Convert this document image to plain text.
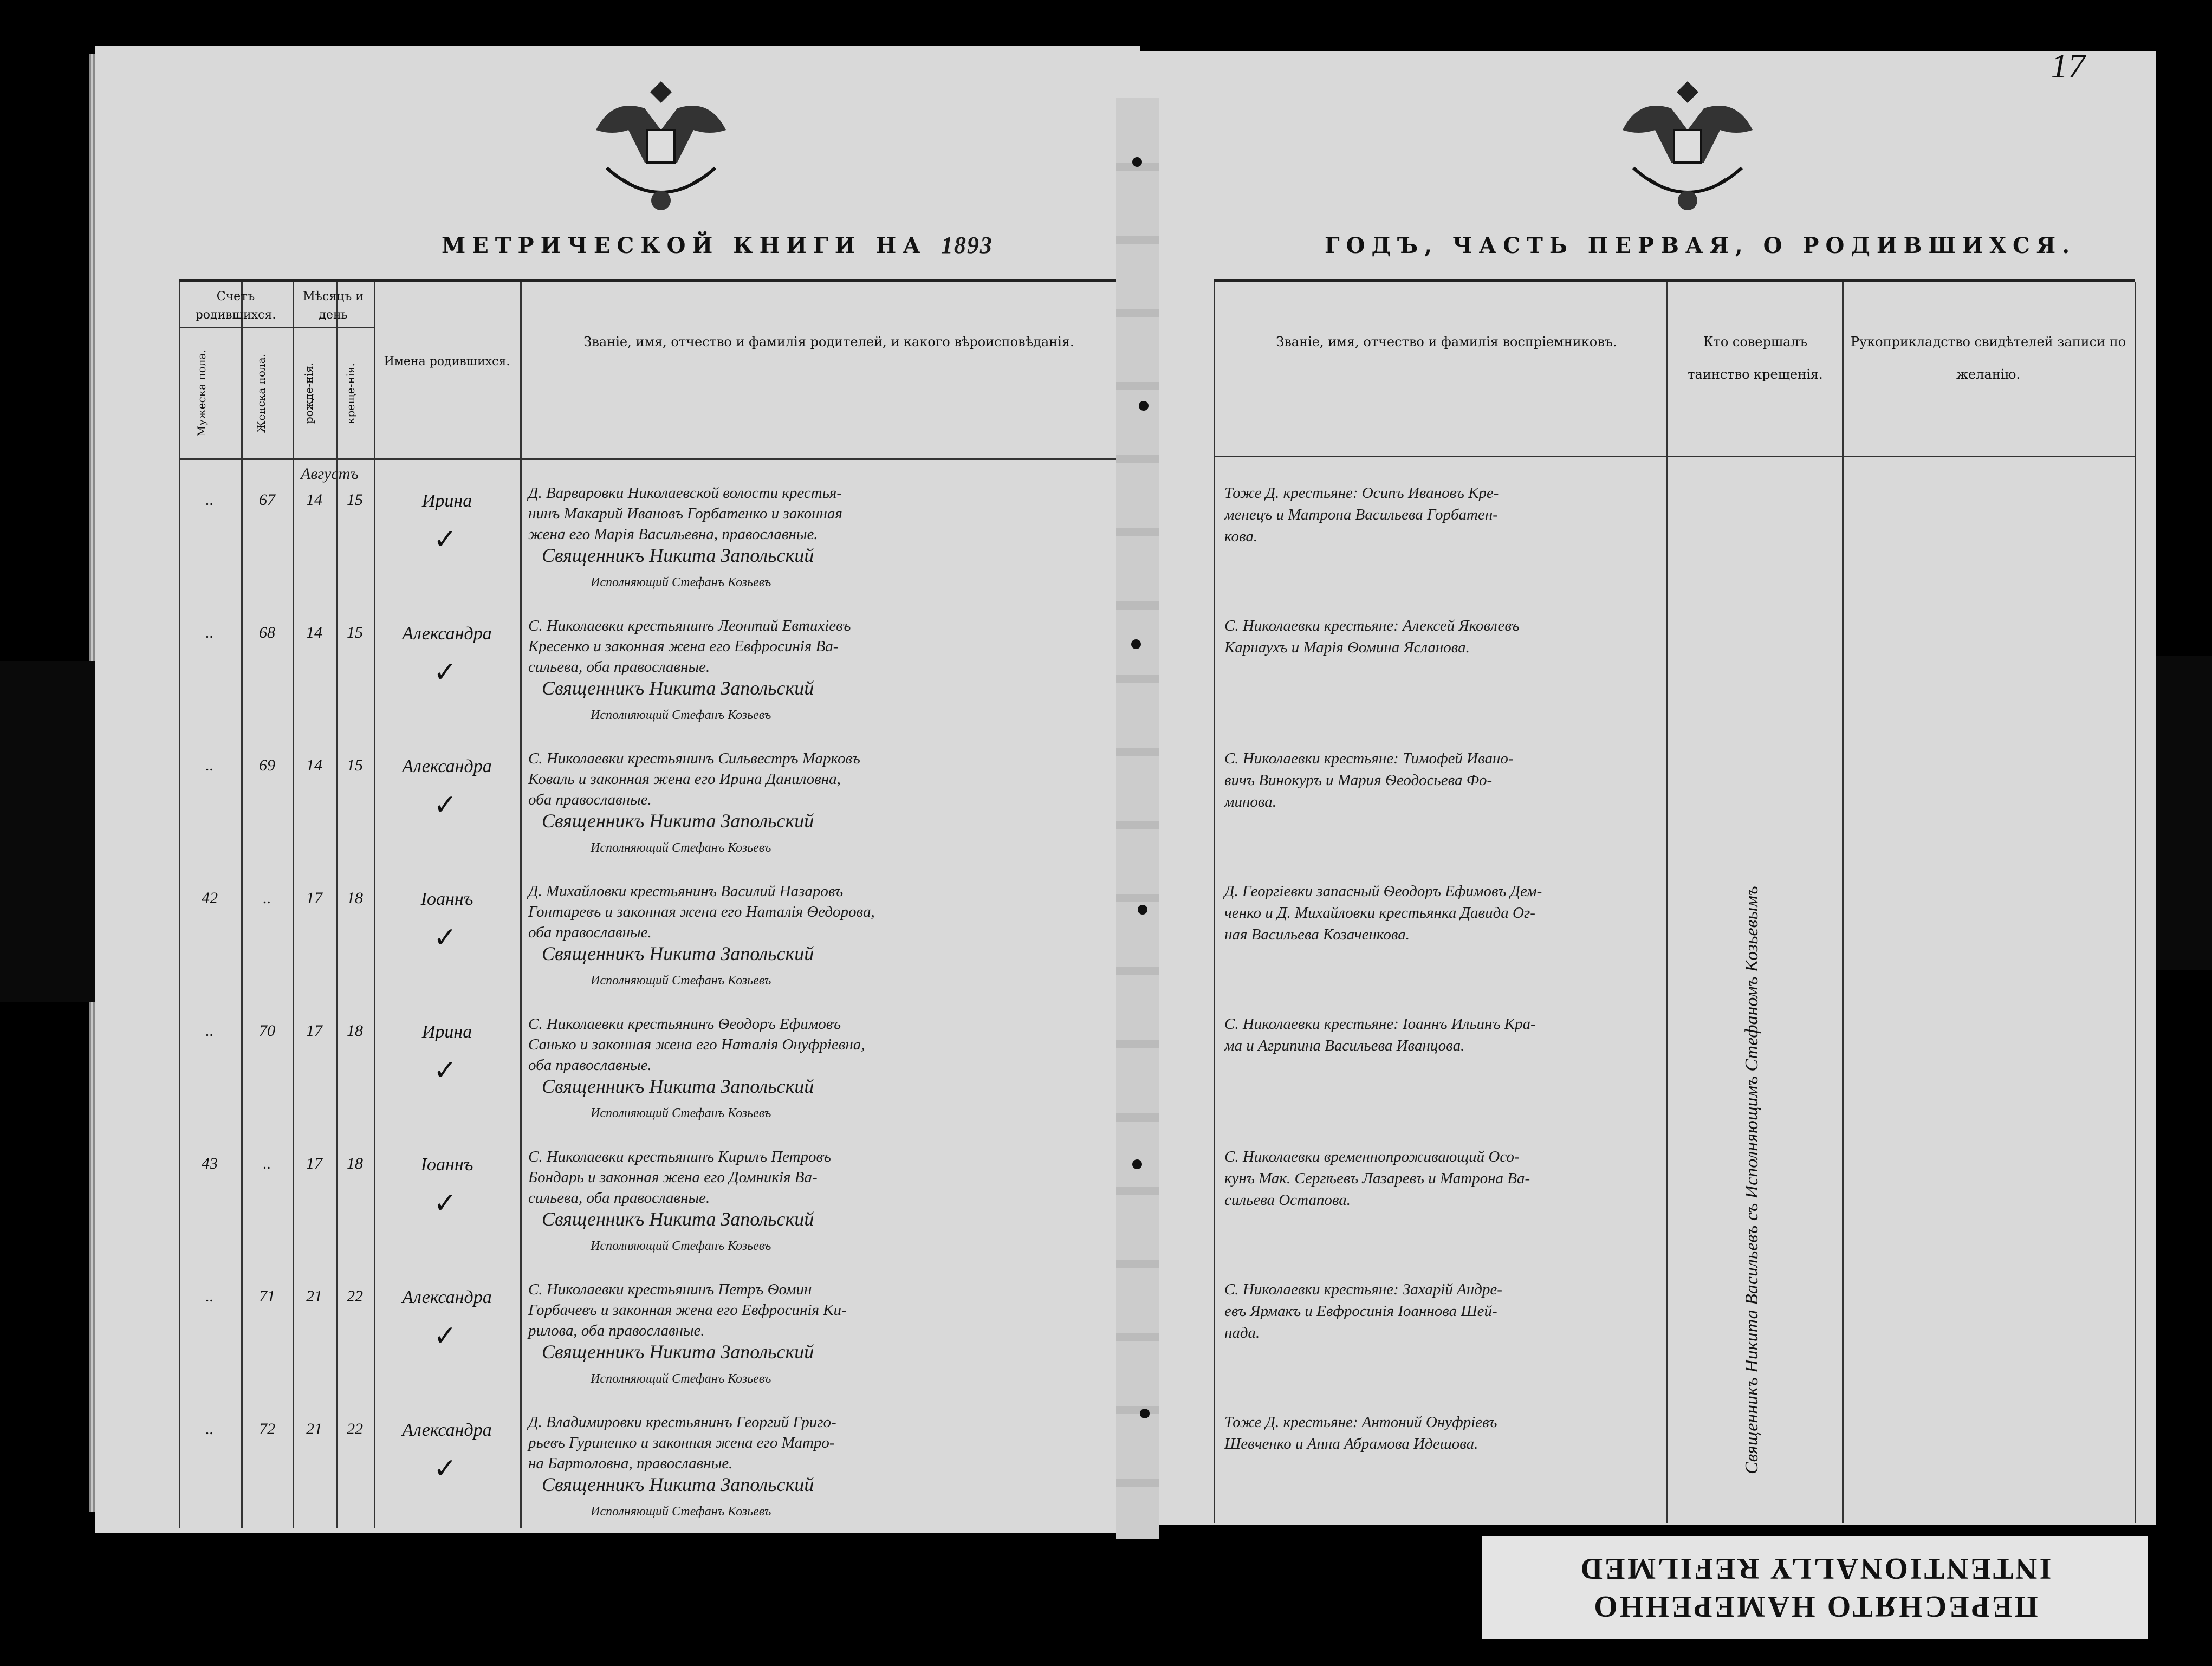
МЕТРИЧЕСКОЙ КНИГИ НА 1893
Счетъ родившихся.
Мужеска пола.	Женска пола.
Мѣсяцъ и день
рожде-нія.	креще-нія.
Имена родившихся.
Званіе, имя, отчество и фамилія родителей, и какого вѣроисповѣданія.
Августъ
..	67	14	15	Ирина
✓
Д. Варваровки Николаевской волости крестья-
нинъ Макарий Ивановъ Горбатенко и законная
жена его Марія Васильевна, православные.
Священникъ Никита Запольский
Исполняющий Стефанъ Козьевъ
..	68	14	15	Александра
✓
С. Николаевки крестьянинъ Леонтий Евтихіевъ
Кресенко и законная жена его Евфросинія Ва-
сильева, оба православные.
Священникъ Никита Запольский
Исполняющий Стефанъ Козьевъ
..	69	14	15	Александра
✓
С. Николаевки крестьянинъ Сильвестръ Марковъ
Коваль и законная жена его Ирина Даниловна,
оба православные.
Священникъ Никита Запольский
Исполняющий Стефанъ Козьевъ
42	..	17	18	Іоаннъ
✓
Д. Михайловки крестьянинъ Василий Назаровъ
Гонтаревъ и законная жена его Наталія Ѳедорова,
оба православные.
Священникъ Никита Запольский
Исполняющий Стефанъ Козьевъ
..	70	17	18	Ирина
✓
С. Николаевки крестьянинъ Ѳеодоръ Ефимовъ
Санько и законная жена его Наталія Онуфріевна,
оба православные.
Священникъ Никита Запольский
Исполняющий Стефанъ Козьевъ
43	..	17	18	Іоаннъ
✓
С. Николаевки крестьянинъ Кирилъ Петровъ
Бондарь и законная жена его Домникія Ва-
сильева, оба православные.
Священникъ Никита Запольский
Исполняющий Стефанъ Козьевъ
..	71	21	22	Александра
✓
С. Николаевки крестьянинъ Петръ Ѳомин
Горбачевъ и законная жена его Евфросинія Ки-
рилова, оба православные.
Священникъ Никита Запольский
Исполняющий Стефанъ Козьевъ
..	72	21	22	Александра
✓
Д. Владимировки крестьянинъ Георгий Григо-
рьевъ Гуриненко и законная жена его Матро-
на Бартоловна, православные.
Священникъ Никита Запольский
Исполняющий Стефанъ Козьевъ
ГОДЪ, ЧАСТЬ ПЕРВАЯ, О РОДИВШИХСЯ.
17
Званіе, имя, отчество и фамилія воспріемниковъ.	Кто совершалъ таинство крещенія.
Рукоприкладство свидѣтелей записи по желанію.
Тоже Д. крестьяне: Осипъ Ивановъ Кре-
менецъ и Матрона Васильева Горбатен-
кова.
С. Николаевки крестьяне: Алексей Яковлевъ
Карнаухъ и Марія Ѳомина Ясланова.
С. Николаевки крестьяне: Тимофей Ивано-
вичъ Винокуръ и Мария Ѳеодосьева Фо-
минова.
Д. Георгіевки запасный Ѳеодоръ Ефимовъ Дем-
ченко и Д. Михайловки крестьянка Давида Ог-
ная Васильева Козаченкова.
С. Николаевки крестьяне: Іоаннъ Ильинъ Кра-
ма и Агрипина Васильева Иванцова.
С. Николаевки временнопроживающий Осо-
кунъ Мак. Сергѣевъ Лазаревъ и Матрона Ва-
сильева Остапова.
С. Николаевки крестьяне: Захарій Андре-
евъ Ярмакъ и Евфросинія Іоаннова Шей-
нада.
Тоже Д. крестьяне: Антоний Онуфріевъ
Шевченко и Анна Абрамова Идешова.	Священникъ Никита Васильевъ съ Исполняющимъ Стефаномъ Козьевымъ
ПЕРЕСНЯТО НАМЕРЕННО
INTENTIONALLY REFILMED
